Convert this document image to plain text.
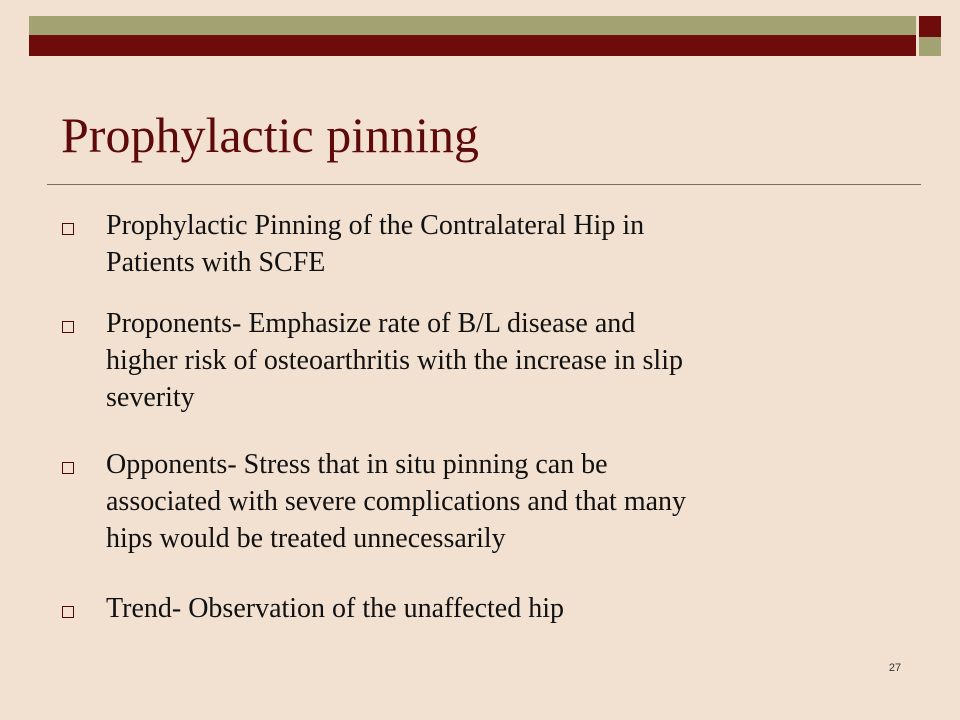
Prophylactic pinning
Prophylactic Pinning of the Contralateral Hip in
Patients with SCFE
Proponents- Emphasize rate of B/L disease and
higher risk of osteoarthritis with the increase in slip
severity
Opponents- Stress that in situ pinning can be
associated with severe complications and that many
hips would be treated unnecessarily
Trend- Observation of the unaffected hip
27
